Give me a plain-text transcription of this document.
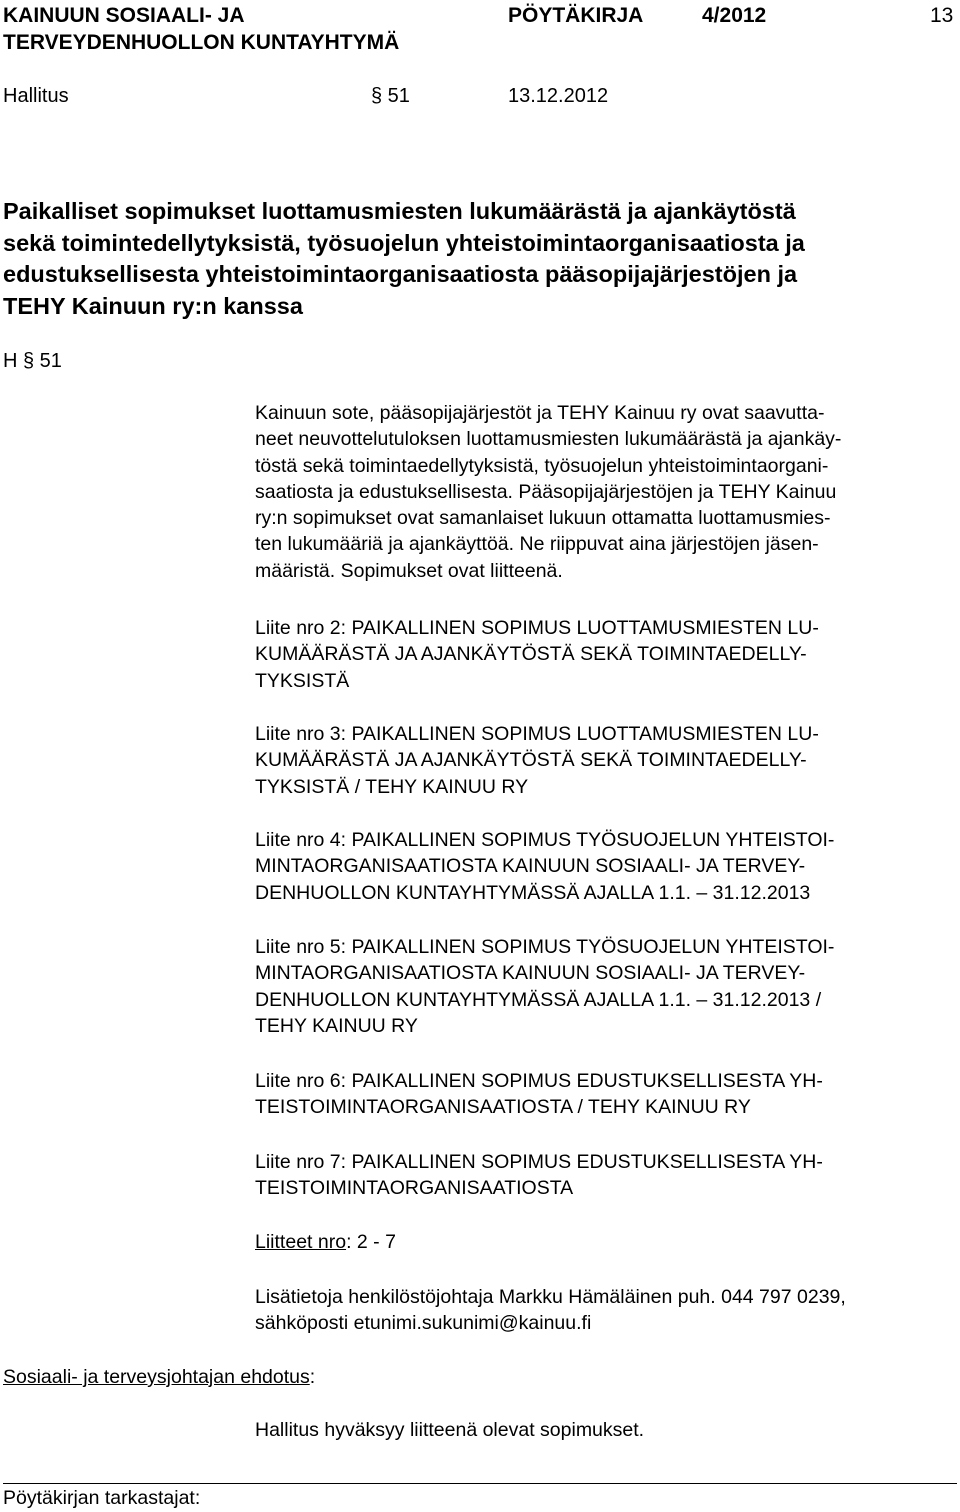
KAINUUN SOSIAALI- JA
TERVEYDENHUOLLON KUNTAYHTYMÄ
PÖYTÄKIRJA	4/2012	13
Hallitus	§ 51	13.12.2012
Paikalliset sopimukset luottamusmiesten lukumäärästä ja ajankäytöstä
sekä toimintedellytyksistä, työsuojelun yhteistoimintaorganisaatiosta ja
edustuksellisesta yhteistoimintaorganisaatiosta pääsopijajärjestöjen ja
TEHY Kainuun ry:n kanssa
H § 51
Kainuun sote, pääsopijajärjestöt ja TEHY Kainuu ry ovat saavutta-
neet neuvottelutuloksen luottamusmiesten lukumäärästä ja ajankäy-
töstä sekä toimintaedellytyksistä, työsuojelun yhteistoimintaorgani-
saatiosta ja edustuksellisesta. Pääsopijajärjestöjen ja TEHY Kainuu
ry:n sopimukset ovat samanlaiset lukuun ottamatta luottamusmies-
ten lukumääriä ja ajankäyttöä. Ne riippuvat aina järjestöjen jäsen-
määristä. Sopimukset ovat liitteenä.
Liite nro 2: PAIKALLINEN SOPIMUS LUOTTAMUSMIESTEN LU-
KUMÄÄRÄSTÄ JA AJANKÄYTÖSTÄ SEKÄ TOIMINTAEDELLY-
TYKSISTÄ
Liite nro 3: PAIKALLINEN SOPIMUS LUOTTAMUSMIESTEN LU-
KUMÄÄRÄSTÄ JA AJANKÄYTÖSTÄ SEKÄ TOIMINTAEDELLY-
TYKSISTÄ / TEHY KAINUU RY
Liite nro 4: PAIKALLINEN SOPIMUS TYÖSUOJELUN YHTEISTOI-
MINTAORGANISAATIOSTA KAINUUN SOSIAALI- JA TERVEY-
DENHUOLLON KUNTAYHTYMÄSSÄ AJALLA 1.1. – 31.12.2013
Liite nro 5: PAIKALLINEN SOPIMUS TYÖSUOJELUN YHTEISTOI-
MINTAORGANISAATIOSTA KAINUUN SOSIAALI- JA TERVEY-
DENHUOLLON KUNTAYHTYMÄSSÄ AJALLA 1.1. – 31.12.2013 /
TEHY KAINUU RY
Liite nro 6: PAIKALLINEN SOPIMUS EDUSTUKSELLISESTA YH-
TEISTOIMINTAORGANISAATIOSTA / TEHY KAINUU RY
Liite nro 7: PAIKALLINEN SOPIMUS EDUSTUKSELLISESTA YH-
TEISTOIMINTAORGANISAATIOSTA
Liitteet nro: 2 - 7
Lisätietoja henkilöstöjohtaja Markku Hämäläinen puh. 044 797 0239,
sähköposti etunimi.sukunimi@kainuu.fi
Sosiaali- ja terveysjohtajan ehdotus:
Hallitus hyväksyy liitteenä olevat sopimukset.
Pöytäkirjan tarkastajat:
